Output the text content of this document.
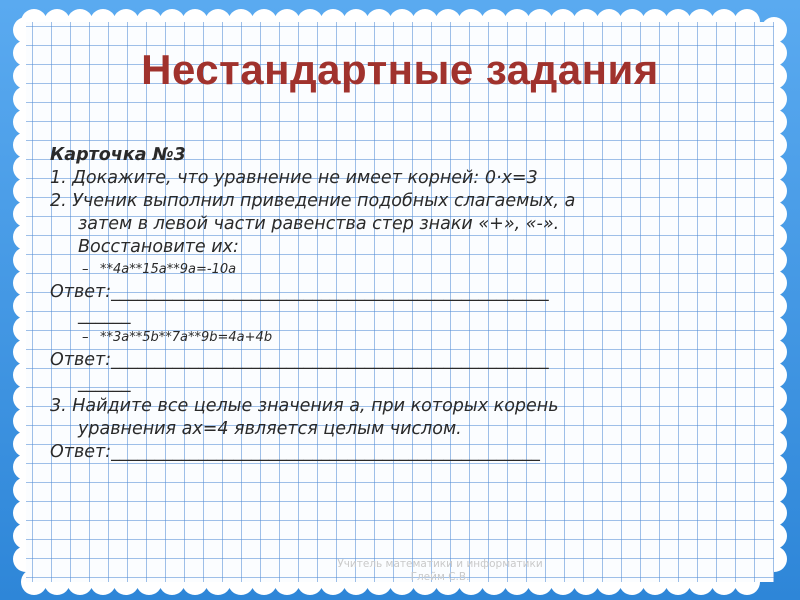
Нестандартные задания
Карточка №3
1. Докажите, что уравнение не имеет корней: 0·x=3
2. Ученик выполнил приведение подобных слагаемых, а
затем в левой части равенства стер знаки «+», «-».
Восстановите их:
– **4a**15a**9a=-10a
Ответ:__________________________________________________
______
– **3a**5b**7a**9b=4a+4b
Ответ:__________________________________________________
______
3. Найдите все целые значения a, при которых корень
уравнения ax=4 является целым числом.
Ответ:_________________________________________________
Учитель математики и информатики
Глейм С.В.
